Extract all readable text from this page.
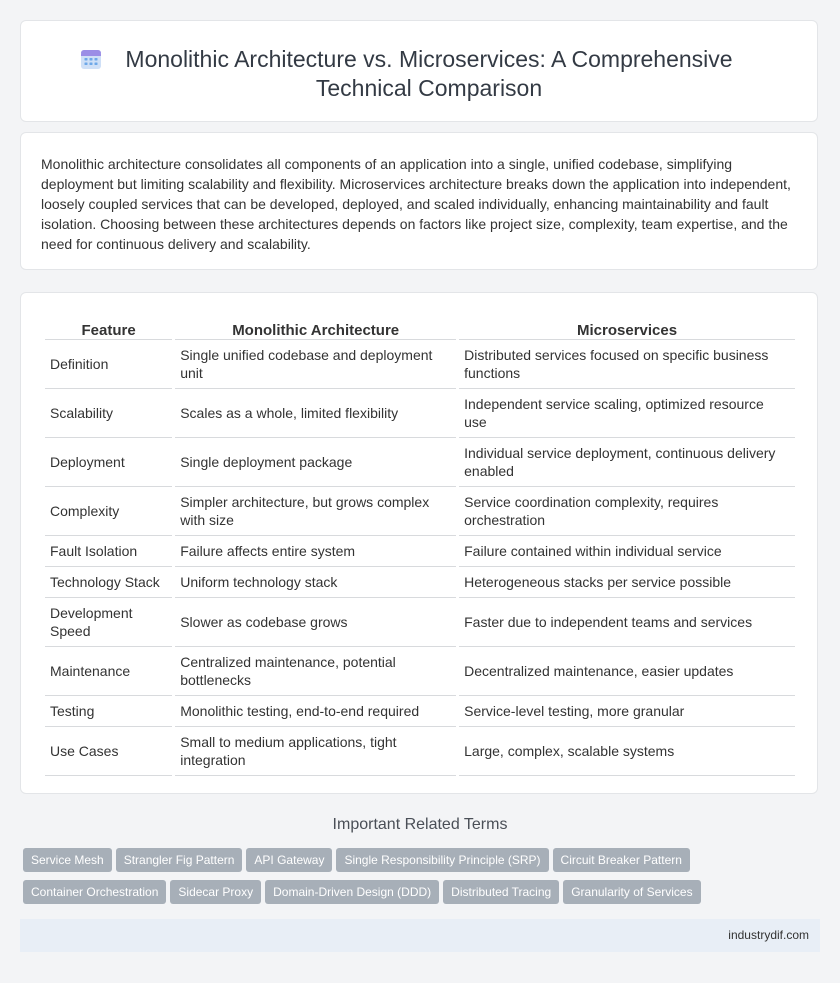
Monolithic Architecture vs. Microservices: A Comprehensive Technical Comparison

Monolithic architecture consolidates all components of an application into a single, unified codebase, simplifying deployment but limiting scalability and flexibility. Microservices architecture breaks down the application into independent, loosely coupled services that can be developed, deployed, and scaled individually, enhancing maintainability and fault isolation. Choosing between these architectures depends on factors like project size, complexity, team expertise, and the need for continuous delivery and scalability.

Feature	Monolithic Architecture	Microservices
Definition	Single unified codebase and deployment unit	Distributed services focused on specific business functions
Scalability	Scales as a whole, limited flexibility	Independent service scaling, optimized resource use
Deployment	Single deployment package	Individual service deployment, continuous delivery enabled
Complexity	Simpler architecture, but grows complex with size	Service coordination complexity, requires orchestration
Fault Isolation	Failure affects entire system	Failure contained within individual service
Technology Stack	Uniform technology stack	Heterogeneous stacks per service possible
Development Speed	Slower as codebase grows	Faster due to independent teams and services
Maintenance	Centralized maintenance, potential bottlenecks	Decentralized maintenance, easier updates
Testing	Monolithic testing, end-to-end required	Service-level testing, more granular
Use Cases	Small to medium applications, tight integration	Large, complex, scalable systems
Important Related Terms
Service Mesh Strangler Fig Pattern API Gateway Single Responsibility Principle (SRP) Circuit Breaker Pattern
Container Orchestration Sidecar Proxy Domain-Driven Design (DDD) Distributed Tracing Granularity of Services
industrydif.com
